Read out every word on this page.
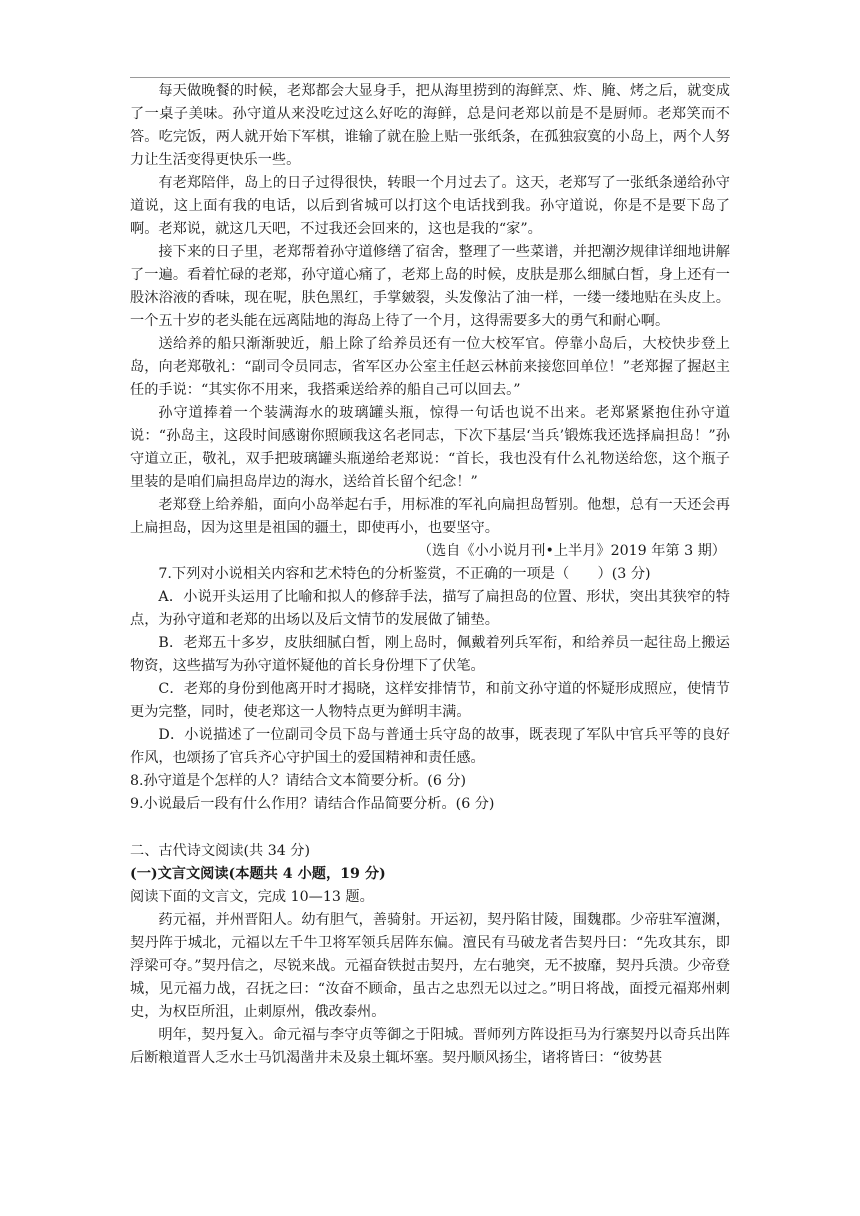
每天做晚餐的时候，老郑都会大显身手，把从海里捞到的海鲜烹、炸、腌、烤之后，就变成了一桌子美味。孙守道从来没吃过这么好吃的海鲜，总是问老郑以前是不是厨师。老郑笑而不答。吃完饭，两人就开始下军棋，谁输了就在脸上贴一张纸条，在孤独寂寞的小岛上，两个人努力让生活变得更快乐一些。

有老郑陪伴，岛上的日子过得很快，转眼一个月过去了。这天，老郑写了一张纸条递给孙守道说，这上面有我的电话，以后到省城可以打这个电话找到我。孙守道说，你是不是要下岛了啊。老郑说，就这几天吧，不过我还会回来的，这也是我的“家”。

接下来的日子里，老郑帮着孙守道修缮了宿舍，整理了一些菜谱，并把潮汐规律详细地讲解了一遍。看着忙碌的老郑，孙守道心痛了，老郑上岛的时候，皮肤是那么细腻白皙，身上还有一股沐浴液的香味，现在呢，肤色黑红，手掌皴裂，头发像沾了油一样，一缕一缕地贴在头皮上。一个五十岁的老头能在远离陆地的海岛上待了一个月，这得需要多大的勇气和耐心啊。

送给养的船只渐渐驶近，船上除了给养员还有一位大校军官。停靠小岛后，大校快步登上岛，向老郑敬礼：“副司令员同志，省军区办公室主任赵云林前来接您回单位！”老郑握了握赵主任的手说：“其实你不用来，我搭乘送给养的船自己可以回去。”

孙守道捧着一个装满海水的玻璃罐头瓶，惊得一句话也说不出来。老郑紧紧抱住孙守道说：“孙岛主，这段时间感谢你照顾我这名老同志，下次下基层‘当兵’锻炼我还选择扁担岛！”孙守道立正，敬礼，双手把玻璃罐头瓶递给老郑说：“首长，我也没有什么礼物送给您，这个瓶子里装的是咱们扁担岛岸边的海水，送给首长留个纪念！”

老郑登上给养船，面向小岛举起右手，用标准的军礼向扁担岛暂别。他想，总有一天还会再上扁担岛，因为这里是祖国的疆土，即使再小，也要坚守。

（选自《小小说月刊•上半月》2019 年第 3 期）

7.下列对小说相关内容和艺术特色的分析鉴赏，不正确的一项是（　　）(3 分)

A．小说开头运用了比喻和拟人的修辞手法，描写了扁担岛的位置、形状，突出其狭窄的特点，为孙守道和老郑的出场以及后文情节的发展做了铺垫。

B．老郑五十多岁，皮肤细腻白皙，刚上岛时，佩戴着列兵军衔，和给养员一起往岛上搬运物资，这些描写为孙守道怀疑他的首长身份埋下了伏笔。

C．老郑的身份到他离开时才揭晓，这样安排情节，和前文孙守道的怀疑形成照应，使情节更为完整，同时，使老郑这一人物特点更为鲜明丰满。

D．小说描述了一位副司令员下岛与普通士兵守岛的故事，既表现了军队中官兵平等的良好作风，也颂扬了官兵齐心守护国土的爱国精神和责任感。

8.孙守道是个怎样的人？请结合文本简要分析。(6 分)

9.小说最后一段有什么作用？请结合作品简要分析。(6 分)

二、古代诗文阅读(共 34 分)

(一)文言文阅读(本题共 4 小题，19 分)

阅读下面的文言文，完成 10—13 题。

药元福，并州晋阳人。幼有胆气，善骑射。开运初，契丹陷甘陵，围魏郡。少帝驻军澶渊，契丹阵于城北，元福以左千牛卫将军领兵居阵东偏。澶民有马破龙者告契丹曰：“先攻其东，即浮梁可夺。”契丹信之，尽锐来战。元福奋铁挝击契丹，左右驰突，无不披靡，契丹兵溃。少帝登城，见元福力战，召抚之曰：“汝奋不顾命，虽古之忠烈无以过之。”明日将战，面授元福郑州刺史，为权臣所沮，止刺原州，俄改泰州。

明年，契丹复入。命元福与李守贞等御之于阳城。晋师列方阵设拒马为行寨契丹以奇兵出阵后断粮道晋人乏水士马饥渴凿井未及泉土辄坏塞。契丹顺风扬尘，诸将皆曰：“彼势甚
